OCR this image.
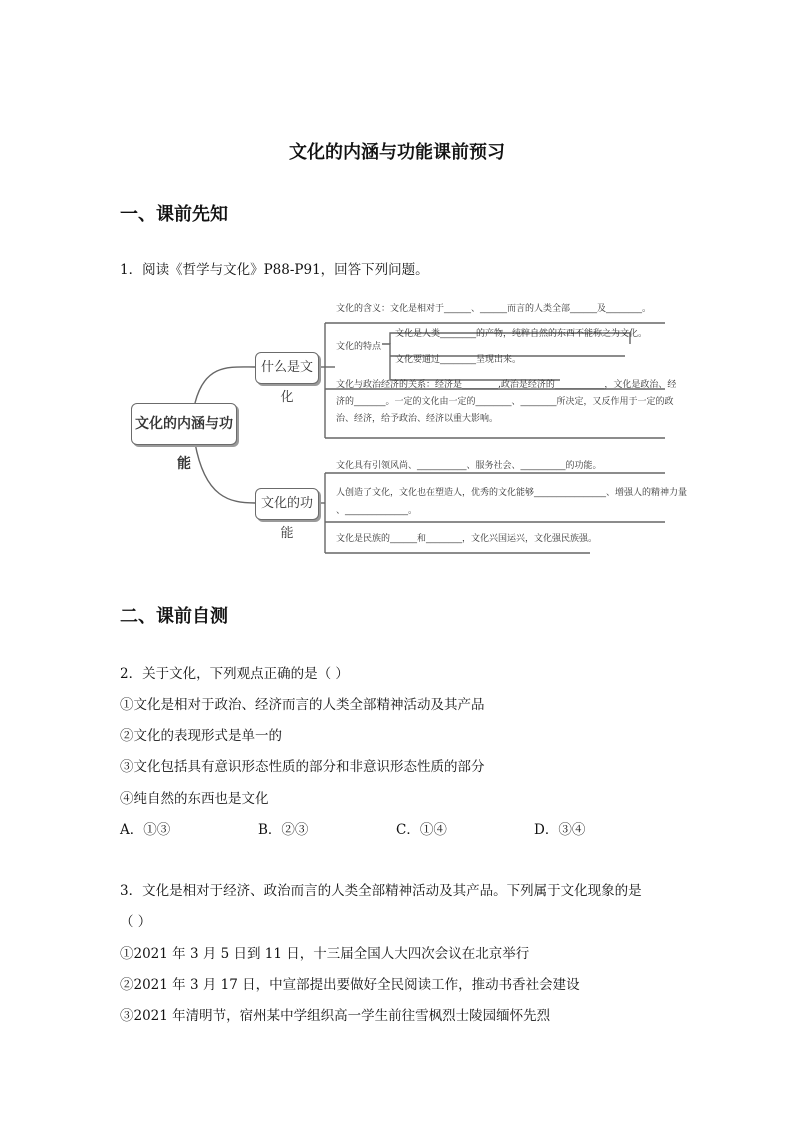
文化的内涵与功能课前预习
一、课前先知
1．阅读《哲学与文化》P88-P91，回答下列问题。
文化的内涵与功能
什么是文化
文化的功能
文化的含义：文化是相对于______、______而言的人类全部______及________。
文化的特点
文化是人类________的产物，纯粹自然的东西不能称之为文化。
文化要通过________呈现出来。
文化与政治经济的关系：经济是________,政治是经济的___________，文化是政治、经
济的_______。一定的文化由一定的________、________所决定，又反作用于一定的政
治、经济，给予政治、经济以重大影响。
文化具有引领风尚、___________、服务社会、__________的功能。
人创造了文化，文化也在塑造人，优秀的文化能够________________、增强人的精神力量
、______________。
文化是民族的______和________，文化兴国运兴，文化强民族强。
二、课前自测
2．关于文化，下列观点正确的是（ ）
①文化是相对于政治、经济而言的人类全部精神活动及其产品
②文化的表现形式是单一的
③文化包括具有意识形态性质的部分和非意识形态性质的部分
④纯自然的东西也是文化
A．①③	B．②③	C．①④	D．③④
3．文化是相对于经济、政治而言的人类全部精神活动及其产品。下列属于文化现象的是
（ ）
①2021 年 3 月 5 日到 11 日，十三届全国人大四次会议在北京举行
②2021 年 3 月 17 日，中宣部提出要做好全民阅读工作，推动书香社会建设
③2021 年清明节，宿州某中学组织高一学生前往雪枫烈士陵园缅怀先烈
